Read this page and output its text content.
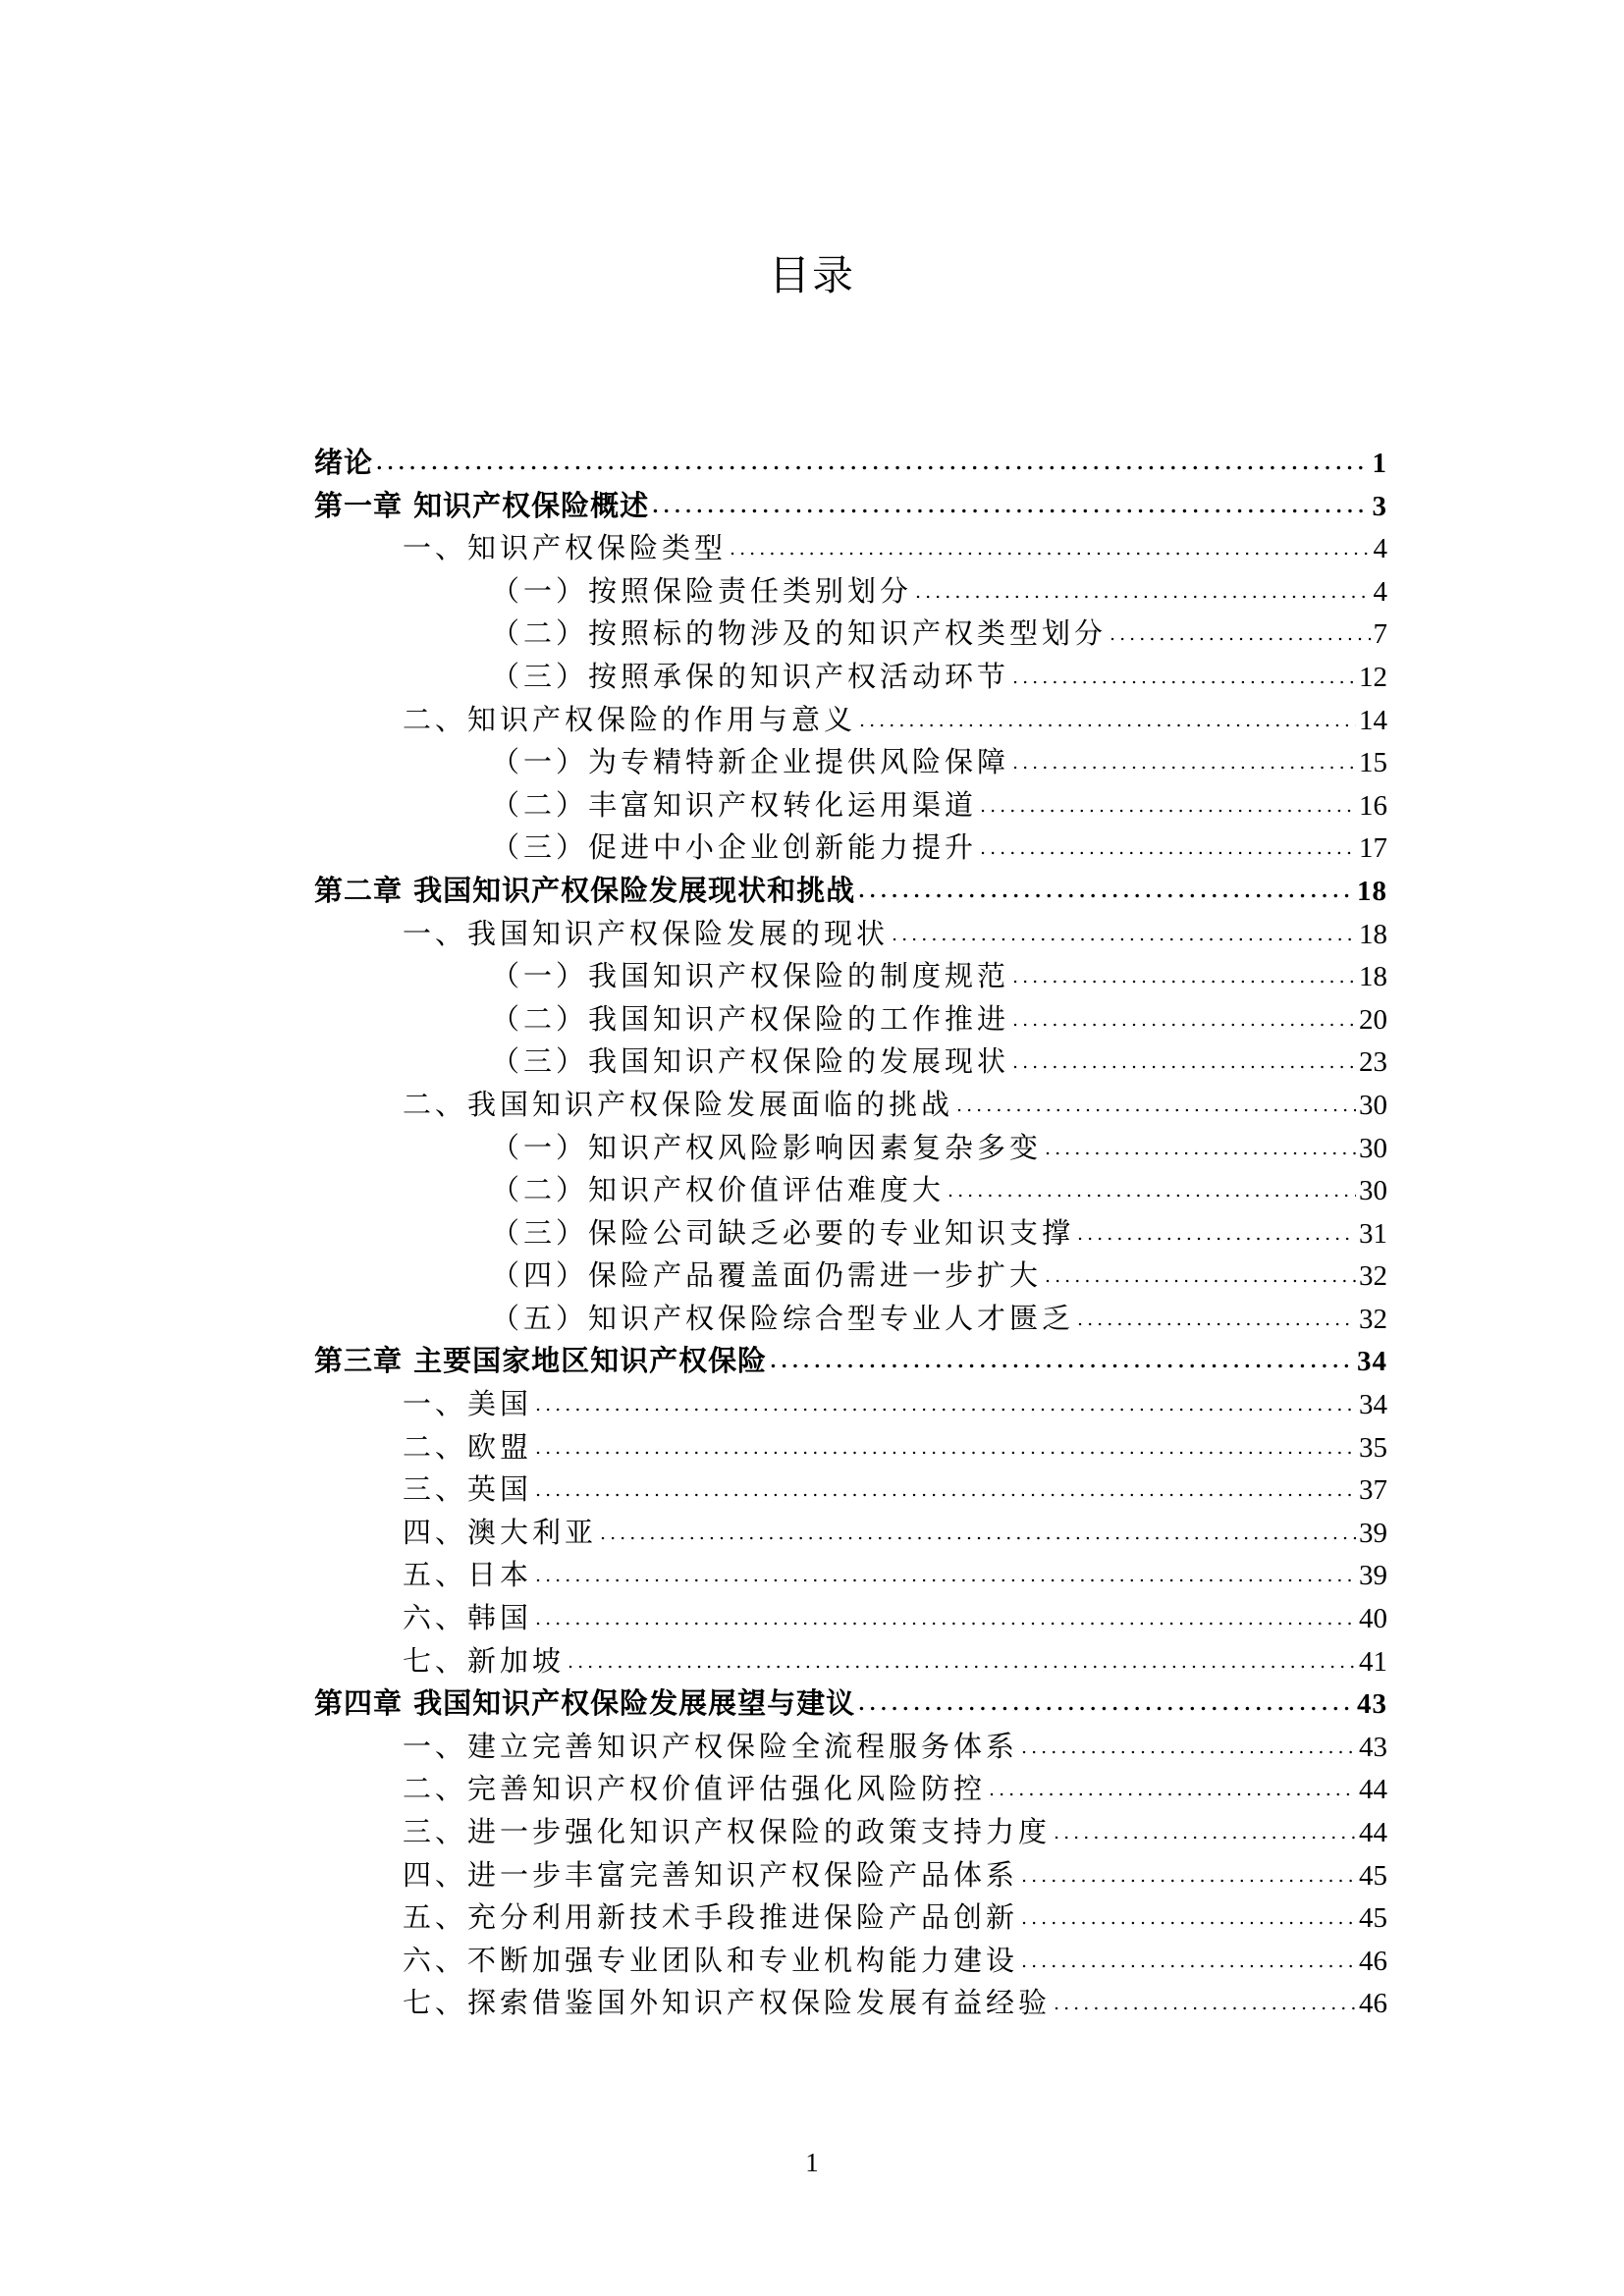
目录
绪论 . . .	1
第一章 知识产权保险概述 . . .	3
一、知识产权保险类型 . . .	4
（一）按照保险责任类别划分 . . .	4
（二）按照标的物涉及的知识产权类型划分 . . .	7
（三）按照承保的知识产权活动环节 . . .	12
二、知识产权保险的作用与意义 . . .	14
（一）为专精特新企业提供风险保障 . . .	15
（二）丰富知识产权转化运用渠道 . . .	16
（三）促进中小企业创新能力提升 . . .	17
第二章 我国知识产权保险发展现状和挑战 . . .	18
一、我国知识产权保险发展的现状 . . .	18
（一）我国知识产权保险的制度规范 . . .	18
（二）我国知识产权保险的工作推进 . . .	20
（三）我国知识产权保险的发展现状 . . .	23
二、我国知识产权保险发展面临的挑战 . . .	30
（一）知识产权风险影响因素复杂多变 . . .	30
（二）知识产权价值评估难度大 . . .	30
（三）保险公司缺乏必要的专业知识支撑 . . .	31
（四）保险产品覆盖面仍需进一步扩大 . . .	32
（五）知识产权保险综合型专业人才匮乏 . . .	32
第三章 主要国家地区知识产权保险 . . .	34
一、美国 . . .	34
二、欧盟 . . .	35
三、英国 . . .	37
四、澳大利亚 . . .	39
五、日本 . . .	39
六、韩国 . . .	40
七、新加坡 . . .	41
第四章 我国知识产权保险发展展望与建议 . . .	43
一、建立完善知识产权保险全流程服务体系 . . .	43
二、完善知识产权价值评估强化风险防控 . . .	44
三、进一步强化知识产权保险的政策支持力度 . . .	44
四、进一步丰富完善知识产权保险产品体系 . . .	45
五、充分利用新技术手段推进保险产品创新 . . .	45
六、不断加强专业团队和专业机构能力建设 . . .	46
七、探索借鉴国外知识产权保险发展有益经验 . . .	46
1
